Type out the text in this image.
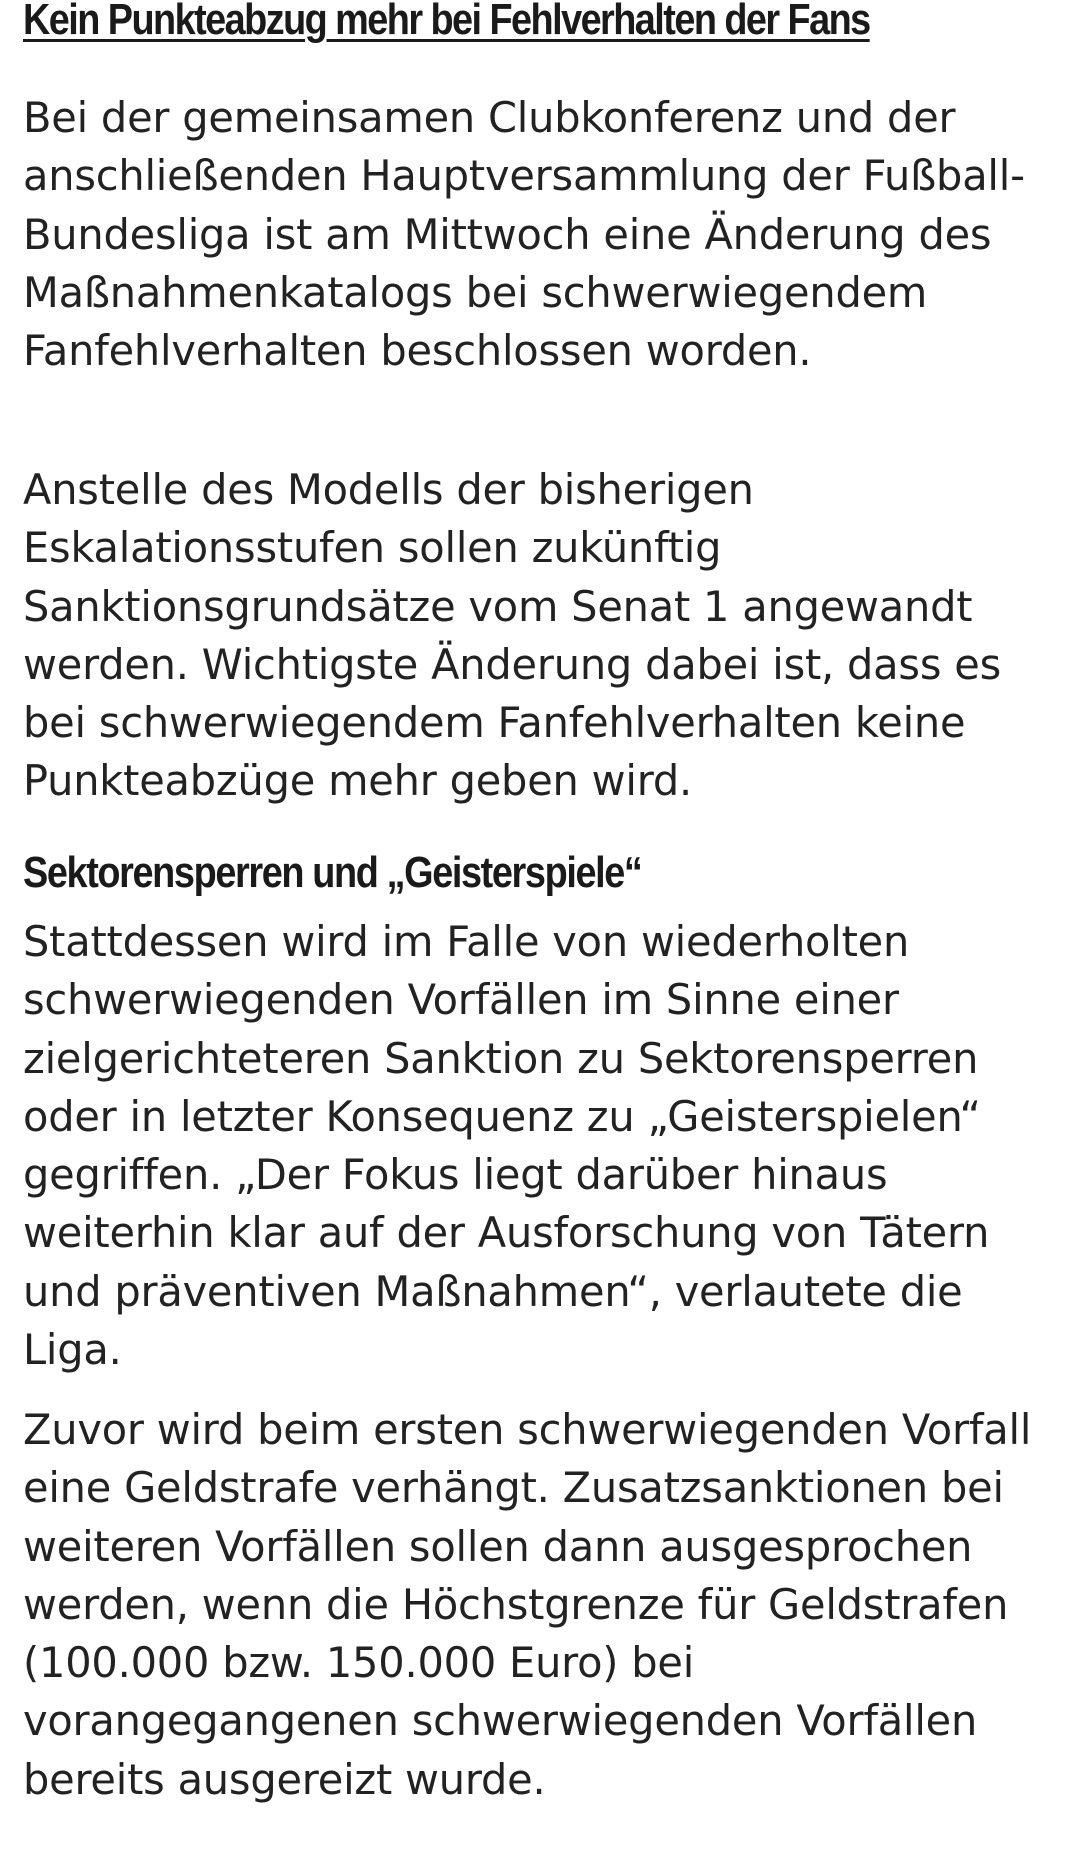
Kein Punkteabzug mehr bei Fehlverhalten der Fans

Bei der gemeinsamen Clubkonferenz und der anschließenden Hauptversammlung der Fußball-Bundesliga ist am Mittwoch eine Änderung des Maßnahmenkatalogs bei schwerwiegendem Fanfehlverhalten beschlossen worden.

Anstelle des Modells der bisherigen Eskalationsstufen sollen zukünftig Sanktionsgrundsätze vom Senat 1 angewandt werden. Wichtigste Änderung dabei ist, dass es bei schwerwiegendem Fanfehlverhalten keine Punkteabzüge mehr geben wird.

Sektorensperren und „Geisterspiele“

Stattdessen wird im Falle von wiederholten schwerwiegenden Vorfällen im Sinne einer zielgerichteteren Sanktion zu Sektorensperren oder in letzter Konsequenz zu „Geisterspielen“ gegriffen. „Der Fokus liegt darüber hinaus weiterhin klar auf der Ausforschung von Tätern und präventiven Maßnahmen“, verlautete die Liga.

Zuvor wird beim ersten schwerwiegenden Vorfall eine Geldstrafe verhängt. Zusatzsanktionen bei weiteren Vorfällen sollen dann ausgesprochen werden, wenn die Höchstgrenze für Geldstrafen (100.000 bzw. 150.000 Euro) bei vorangegangenen schwerwiegenden Vorfällen bereits ausgereizt wurde.
